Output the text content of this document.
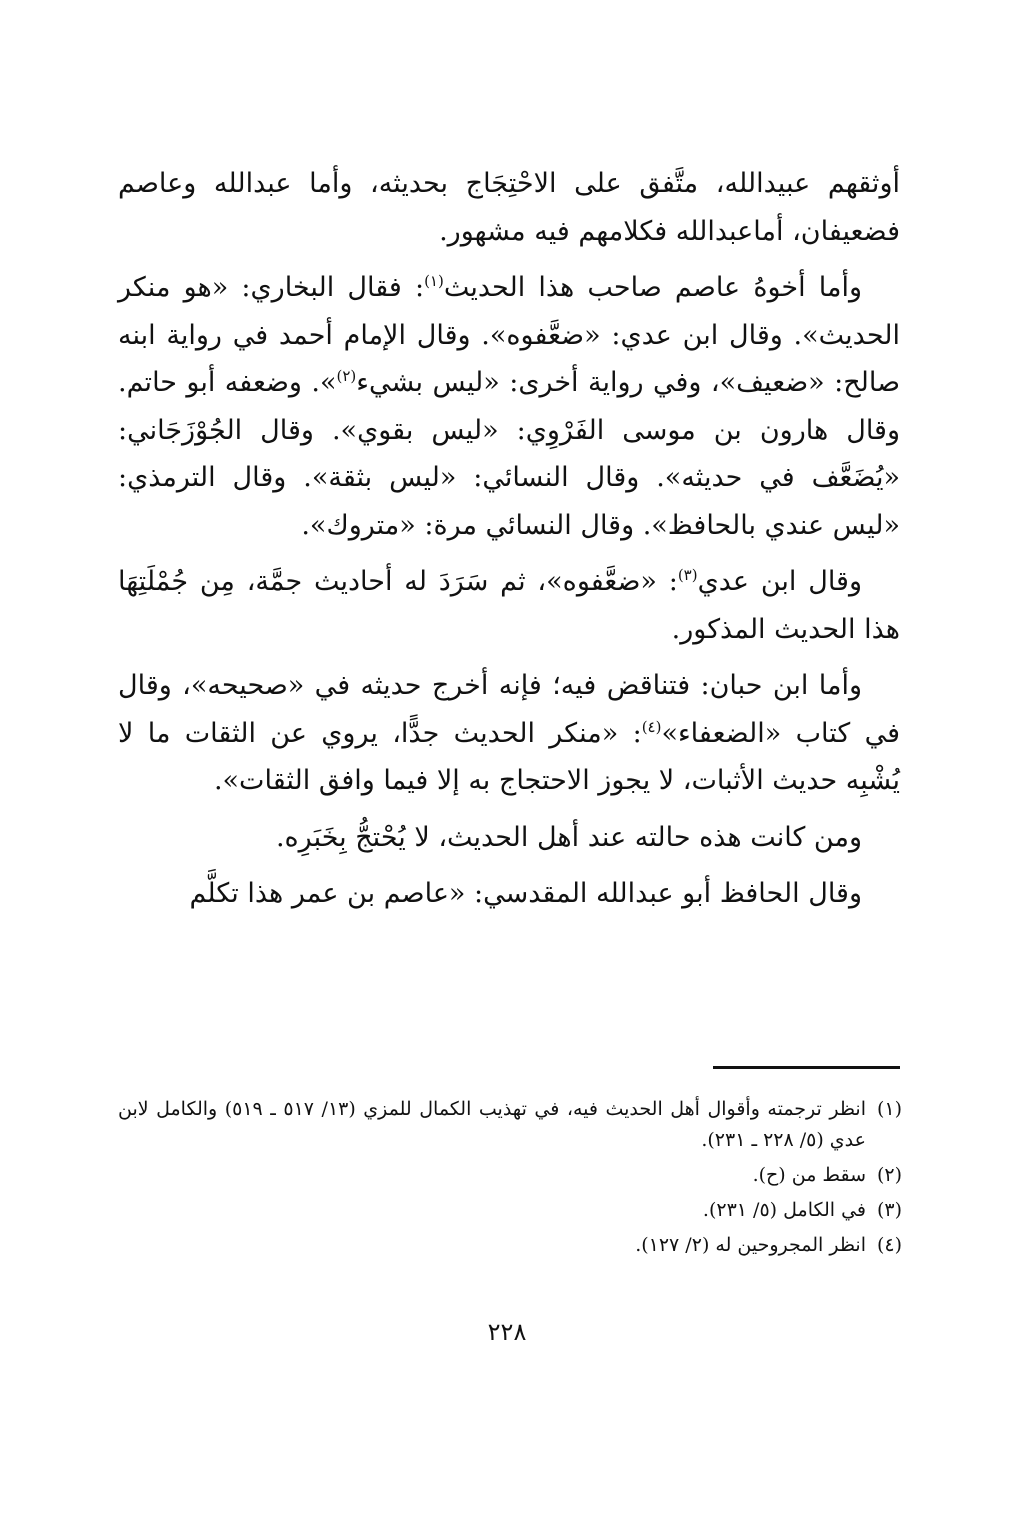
أوثقهم عبيدالله، متَّفق على الاحْتِجَاج بحديثه، وأما عبدالله وعاصم فضعيفان، أماعبدالله فكلامهم فيه مشهور.

وأما أخوهُ عاصم صاحب هذا الحديث$^{(١)}$: فقال البخاري: «هو منكر الحديث». وقال ابن عدي: «ضعَّفوه». وقال الإمام أحمد في رواية ابنه صالح: «ضعيف»، وفي رواية أخرى: «ليس بشيء$^{(٢)}$». وضعفه أبو حاتم. وقال هارون بن موسى الفَرْوِي: «ليس بقوي». وقال الجُوْزَجَاني: «يُضَعَّف في حديثه». وقال النسائي: «ليس بثقة». وقال الترمذي: «ليس عندي بالحافظ». وقال النسائي مرة: «متروك».

وقال ابن عدي$^{(٣)}$: «ضعَّفوه»، ثم سَرَدَ له أحاديث جمَّة، مِن جُمْلَتِهَا هذا الحديث المذكور.

وأما ابن حبان: فتناقض فيه؛ فإنه أخرج حديثه في «صحيحه»، وقال في كتاب «الضعفاء»$^{(٤)}$: «منكر الحديث جدًّا، يروي عن الثقات ما لا يُشْبِه حديث الأثبات، لا يجوز الاحتجاج به إلا فيما وافق الثقات».

ومن كانت هذه حالته عند أهل الحديث، لا يُحْتجُّ بِخَبَرِه.

وقال الحافظ أبو عبدالله المقدسي: «عاصم بن عمر هذا تكلَّم

(١)
انظر ترجمته وأقوال أهل الحديث فيه، في تهذيب الكمال للمزي (١٣/ ٥١٧ ـ ٥١٩) والكامل لابن عدي (٥/ ٢٢٨ ـ ٢٣١).
(٢)
سقط من (ح).
(٣)
في الكامل (٥/ ٢٣١).
(٤)
انظر المجروحين له (٢/ ١٢٧).
٢٢٨
